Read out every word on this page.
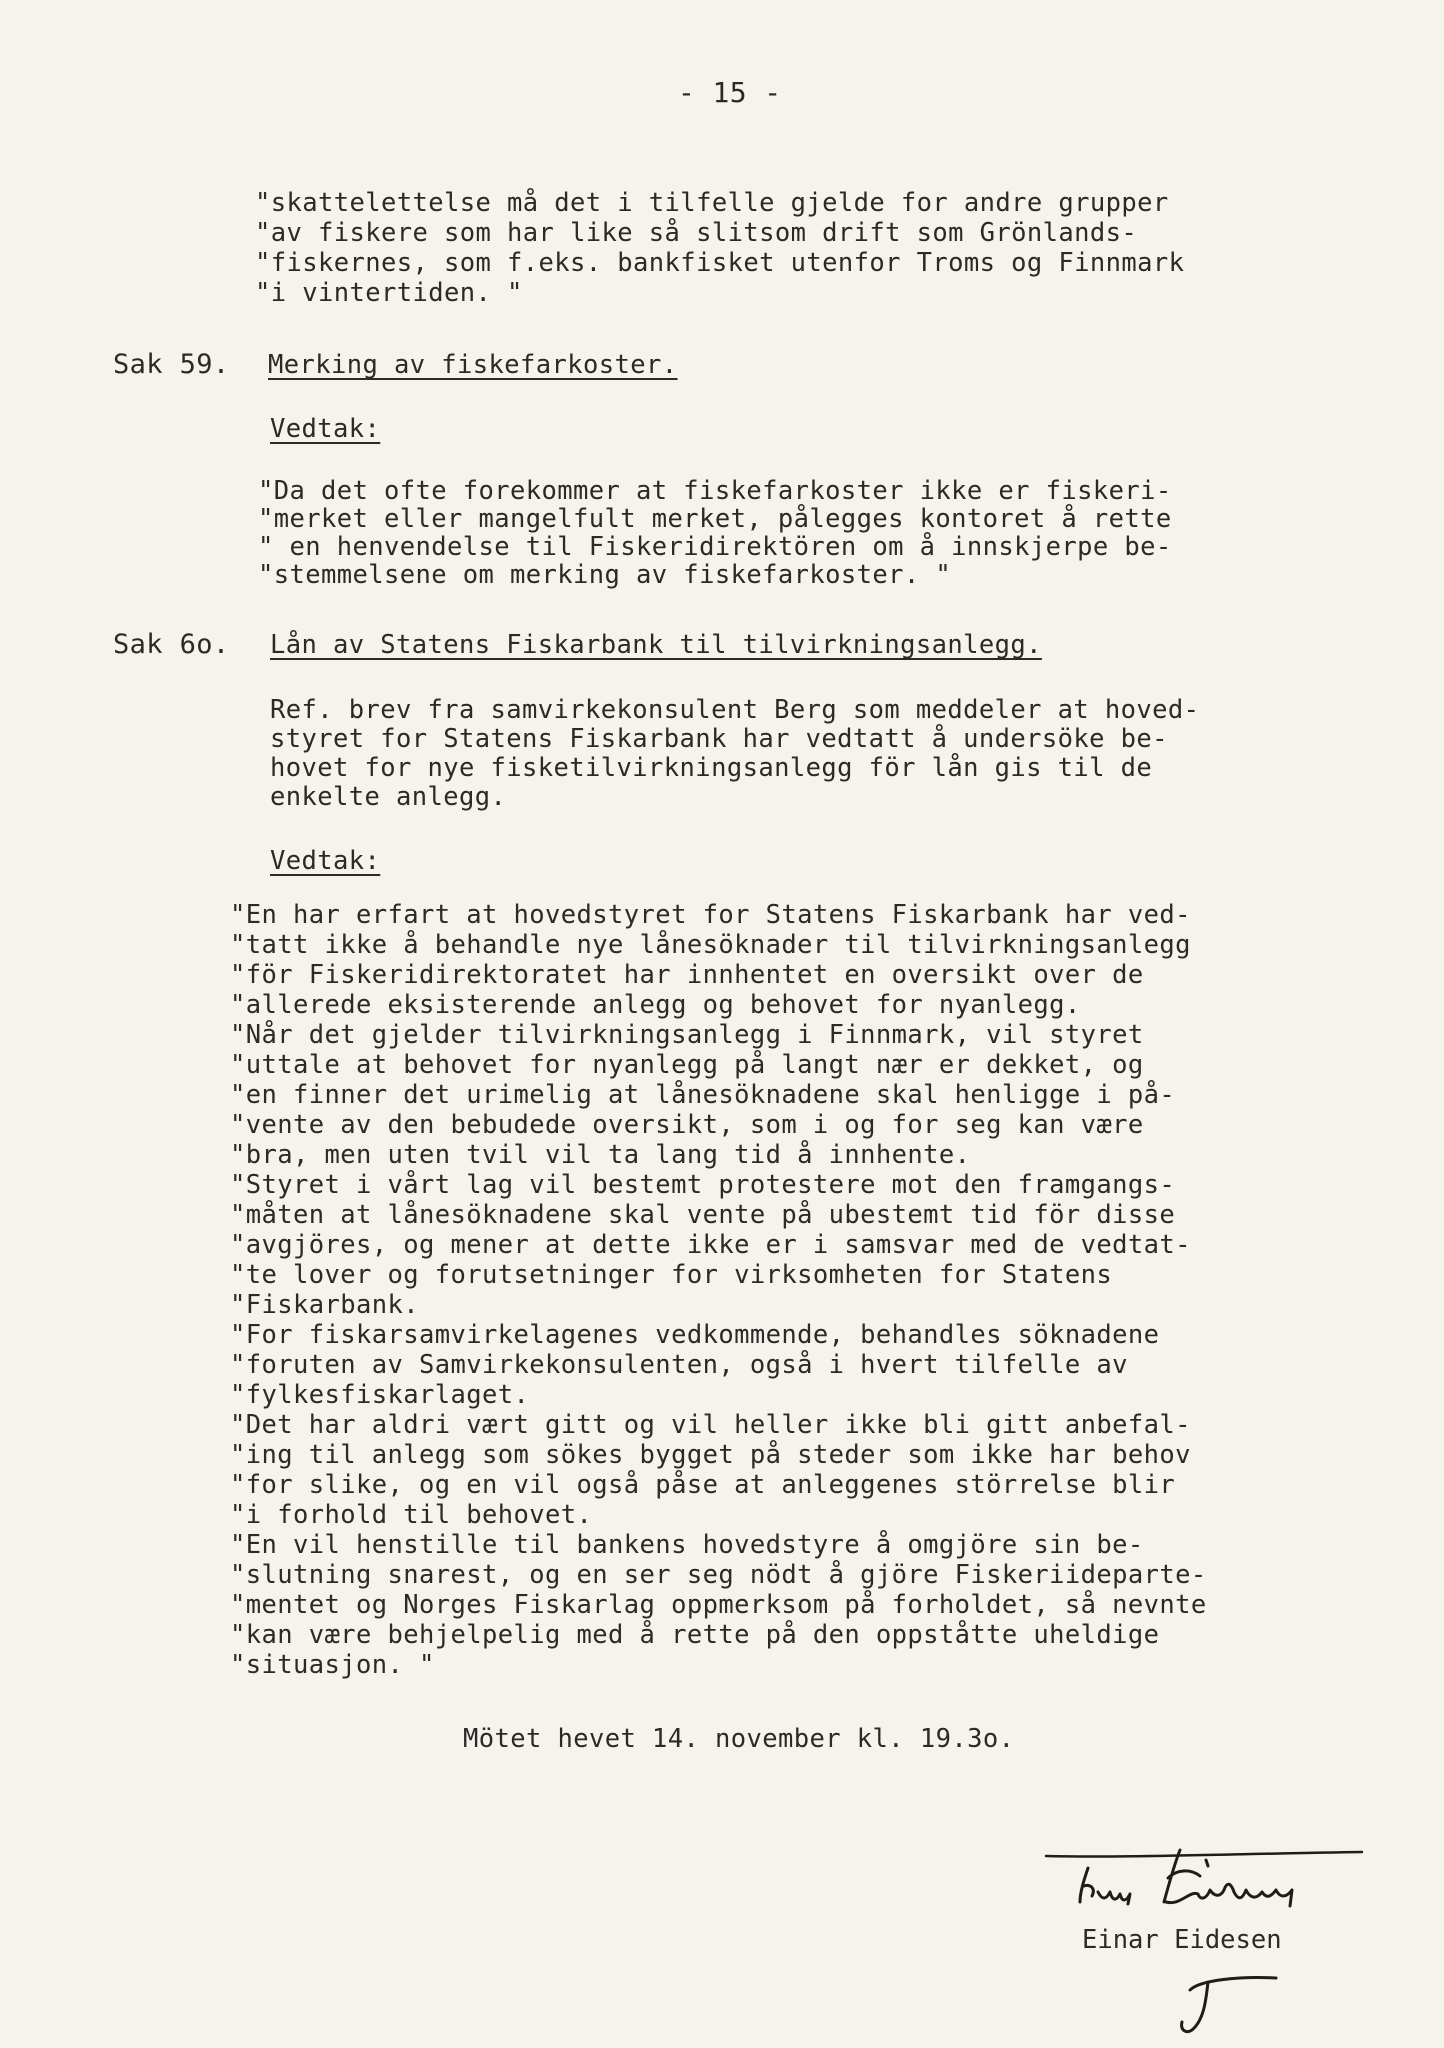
- 15 -
"skattelettelse må det i tilfelle gjelde for andre grupper
"av fiskere som har like så slitsom drift som Grönlands-
"fiskernes, som f.eks. bankfisket utenfor Troms og Finnmark
"i vintertiden. "
Sak 59. Merking av fiskefarkoster.
Vedtak:
"Da det ofte forekommer at fiskefarkoster ikke er fiskeri-
"merket eller mangelfult merket, pålegges kontoret å rette
" en henvendelse til Fiskeridirektören om å innskjerpe be-
"stemmelsene om merking av fiskefarkoster. "
Sak 6o. Lån av Statens Fiskarbank til tilvirkningsanlegg.
Ref. brev fra samvirkekonsulent Berg som meddeler at hoved-
styret for Statens Fiskarbank har vedtatt å undersöke be-
hovet for nye fisketilvirkningsanlegg för lån gis til de
enkelte anlegg.
Vedtak:
"En har erfart at hovedstyret for Statens Fiskarbank har ved-
"tatt ikke å behandle nye lånesöknader til tilvirkningsanlegg
"för Fiskeridirektoratet har innhentet en oversikt over de
"allerede eksisterende anlegg og behovet for nyanlegg.
"Når det gjelder tilvirkningsanlegg i Finnmark, vil styret
"uttale at behovet for nyanlegg på langt nær er dekket, og
"en finner det urimelig at lånesöknadene skal henligge i på-
"vente av den bebudede oversikt, som i og for seg kan være
"bra, men uten tvil vil ta lang tid å innhente.
"Styret i vårt lag vil bestemt protestere mot den framgangs-
"måten at lånesöknadene skal vente på ubestemt tid för disse
"avgjöres, og mener at dette ikke er i samsvar med de vedtat-
"te lover og forutsetninger for virksomheten for Statens
"Fiskarbank.
"For fiskarsamvirkelagenes vedkommende, behandles söknadene
"foruten av Samvirkekonsulenten, også i hvert tilfelle av
"fylkesfiskarlaget.
"Det har aldri vært gitt og vil heller ikke bli gitt anbefal-
"ing til anlegg som sökes bygget på steder som ikke har behov
"for slike, og en vil også påse at anleggenes störrelse blir
"i forhold til behovet.
"En vil henstille til bankens hovedstyre å omgjöre sin be-
"slutning snarest, og en ser seg nödt å gjöre Fiskeriideparte-
"mentet og Norges Fiskarlag oppmerksom på forholdet, så nevnte
"kan være behjelpelig med å rette på den oppståtte uheldige
"situasjon. "
Mötet hevet 14. november kl. 19.3o.
Einar Eidesen
